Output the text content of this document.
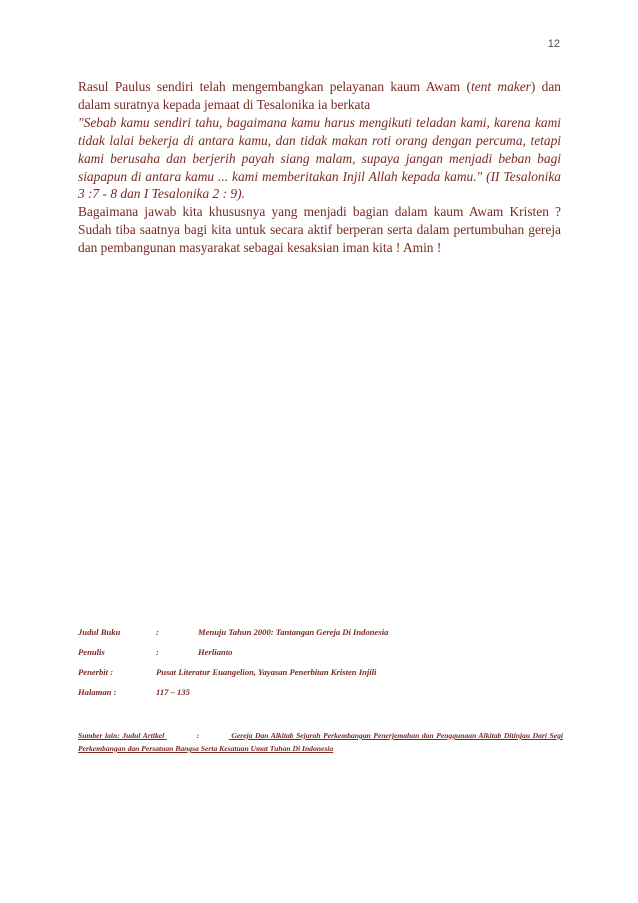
12

Rasul Paulus sendiri telah mengembangkan pelayanan kaum Awam (tent maker) dan dalam suratnya kepada jemaat di Tesalonika ia berkata

"Sebab kamu sendiri tahu, bagaimana kamu harus mengikuti teladan kami, karena kami tidak lalai bekerja di antara kamu, dan tidak makan roti orang dengan percuma, tetapi kami berusaha dan berjerih payah siang malam, supaya jangan menjadi beban bagi siapapun di antara kamu ... kami memberitakan Injil Allah kepada kamu." (II Tesalonika 3 :7 - 8 dan I Tesalonika 2 : 9).

Bagaimana jawab kita khususnya yang menjadi bagian dalam kaum Awam Kristen ? Sudah tiba saatnya bagi kita untuk secara aktif berperan serta dalam pertumbuhan gereja dan pembangunan masyarakat sebagai kesaksian iman kita ! Amin !

Judul Buku	:	Menuju Tahun 2000: Tantangan Gereja Di Indonesia
Penulis	:	Herlianto
Penerbit :	Pusat Literatur Euangelion, Yayasan Penerbitan Kristen Injili
Halaman :	117 – 135
Sumber lain: Judul Artikel	:	Gereja Dan Alkitab Sejarah Perkembangan Penerjemahan dan Penggunaan Alkitab Ditinjau Dari Segi Perkembangan dan Persatuan Bangsa Serta Kesatuan Umat Tuhan Di Indonesia
